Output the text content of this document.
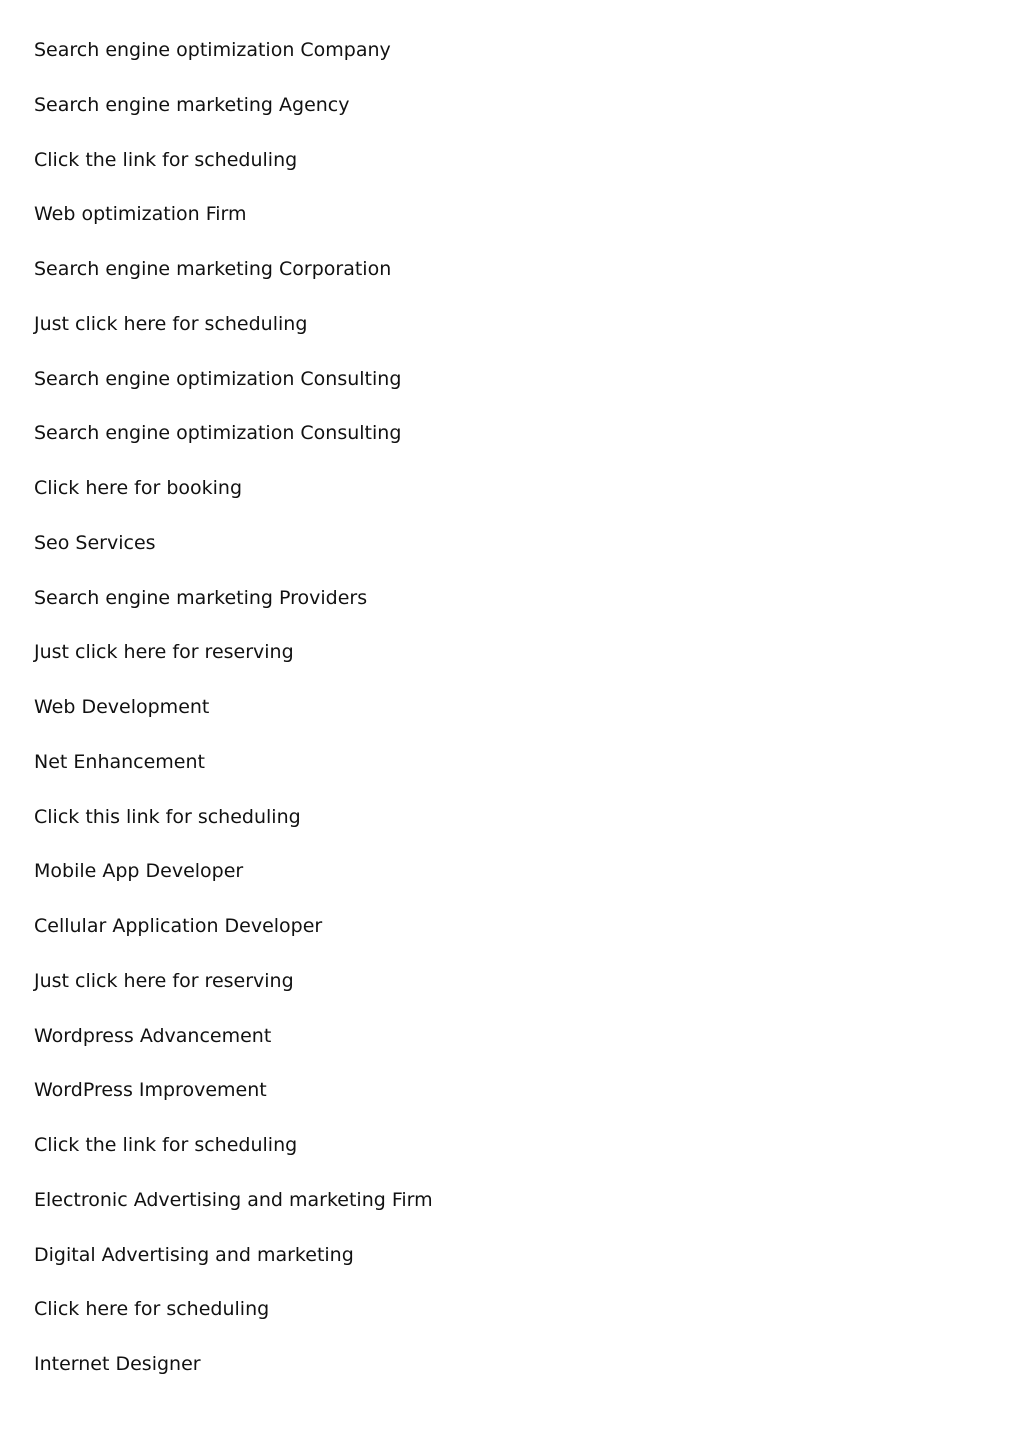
Search engine optimization Company
Search engine marketing Agency
Click the link for scheduling
Web optimization Firm
Search engine marketing Corporation
Just click here for scheduling
Search engine optimization Consulting
Search engine optimization Consulting
Click here for booking
Seo Services
Search engine marketing Providers
Just click here for reserving
Web Development
Net Enhancement
Click this link for scheduling
Mobile App Developer
Cellular Application Developer
Just click here for reserving
Wordpress Advancement
WordPress Improvement
Click the link for scheduling
Electronic Advertising and marketing Firm
Digital Advertising and marketing
Click here for scheduling
Internet Designer
